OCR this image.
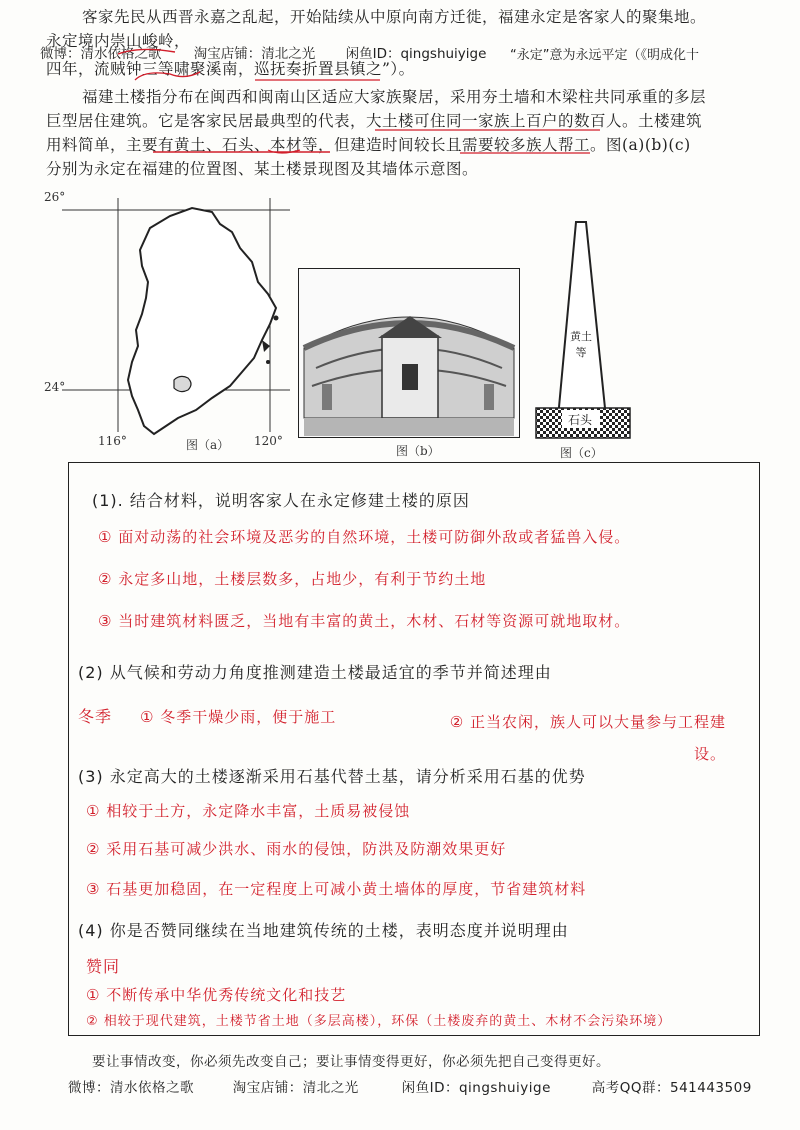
客家先民从西晋永嘉之乱起，开始陆续从中原向南方迁徙，福建永定是客家人的聚集地。
永定境内崇山峻岭，
微博：清水依格之歌 淘宝店铺：清北之光 闲鱼ID：qingshuiyige	“永定”意为永远平定（《明成化十
四年，流贼钟三等啸聚溪南，巡抚奏折置县镇之”）。
福建土楼指分布在闽西和闽南山区适应大家族聚居，采用夯土墙和木梁柱共同承重的多层
巨型居住建筑。它是客家民居最典型的代表，大土楼可住同一家族上百户的数百人。土楼建筑
用料简单，主要有黄土、石头、本材等，但建造时间较长且需要较多族人帮工。图(a)(b)(c)
分别为永定在福建的位置图、某土楼景现图及其墙体示意图。
26°
24°
116°	120°
图（a）	图（b）
黄土等
石头
图（c）
(1). 结合材料，说明客家人在永定修建土楼的原因
① 面对动荡的社会环境及恶劣的自然环境，土楼可防御外敌或者猛兽入侵。
② 永定多山地，土楼层数多，占地少，有利于节约土地
③ 当时建筑材料匮乏，当地有丰富的黄土，木材、石材等资源可就地取材。
(2) 从气候和劳动力角度推测建造土楼最适宜的季节并简述理由
冬季 ① 冬季干燥少雨，便于施工	② 正当农闲，族人可以大量参与工程建设。
(3) 永定高大的土楼逐渐采用石基代替土基，请分析采用石基的优势
① 相较于土方，永定降水丰富，土质易被侵蚀
② 采用石基可减少洪水、雨水的侵蚀，防洪及防潮效果更好
③ 石基更加稳固，在一定程度上可减小黄土墙体的厚度，节省建筑材料
(4) 你是否赞同继续在当地建筑传统的土楼，表明态度并说明理由
赞同
① 不断传承中华优秀传统文化和技艺
② 相较于现代建筑，土楼节省土地（多层高楼），环保（土楼废弃的黄土、木材不会污染环境）
要让事情改变，你必须先改变自己；要让事情变得更好，你必须先把自己变得更好。
微博：清水依格之歌	淘宝店铺：清北之光	闲鱼ID：qingshuiyige	高考QQ群：541443509
